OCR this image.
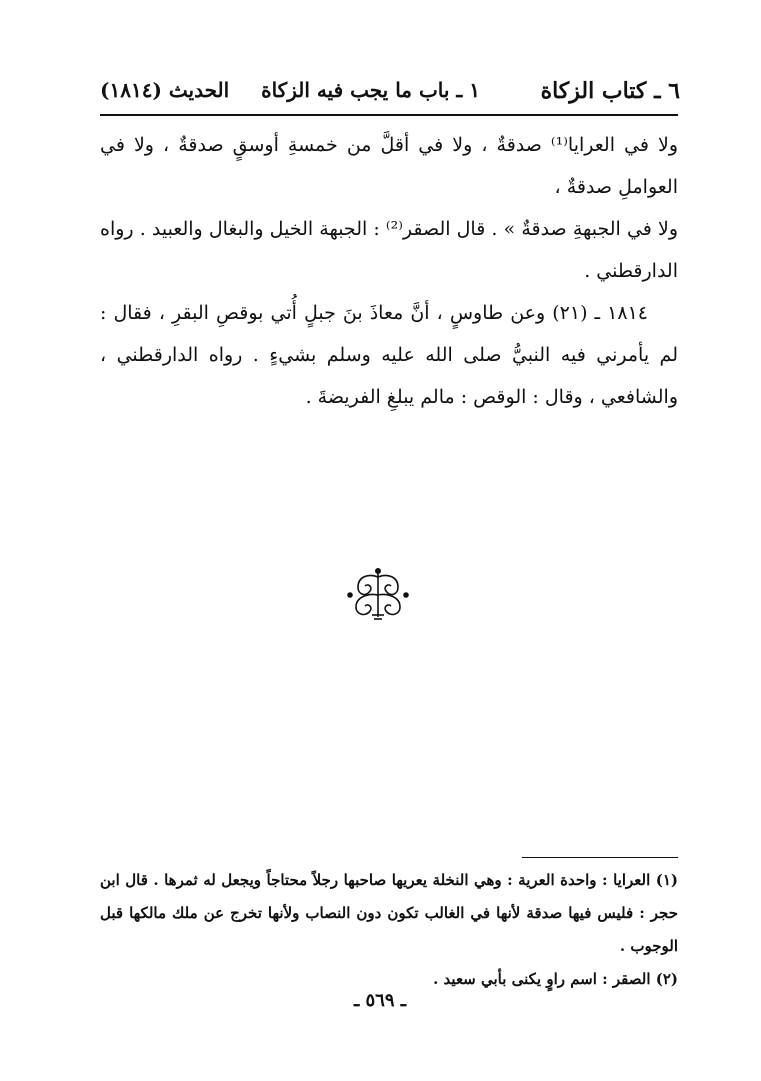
٦ ـ كتاب الزكاة
١ ـ باب ما يجب فيه الزكاة
الحديث (١٨١٤)

ولا في العرايا⁽¹⁾ صدقةٌ ، ولا في أقلَّ من خمسةِ أوسقٍ صدقةٌ ، ولا في العواملِ صدقةٌ ،

ولا في الجبهةِ صدقةٌ » . قال الصقر⁽²⁾ : الجبهة الخيل والبغال والعبيد . رواه الدارقطني .

١٨١٤ ـ (٢١) وعن طاوسٍ ، أنَّ معاذَ بنَ جبلٍ أُتي بوقصِ البقرِ ، فقال : لم يأمرني فيه النبيُّ صلى الله عليه وسلم بشيءٍ . رواه الدارقطني ، والشافعي ، وقال : الوقص : مالم يبلغِ الفريضةَ .

(١) العرايا : واحدة العرية : وهي النخلة يعريها صاحبها رجلاً محتاجاً ويجعل له ثمرها . قال ابن حجر : فليس فيها صدقة لأنها في الغالب تكون دون النصاب ولأنها تخرج عن ملك مالكها قبل الوجوب .

(٢) الصقر : اسم راوٍ يكنى بأبي سعيد .

ـ ٥٦٩ ـ
